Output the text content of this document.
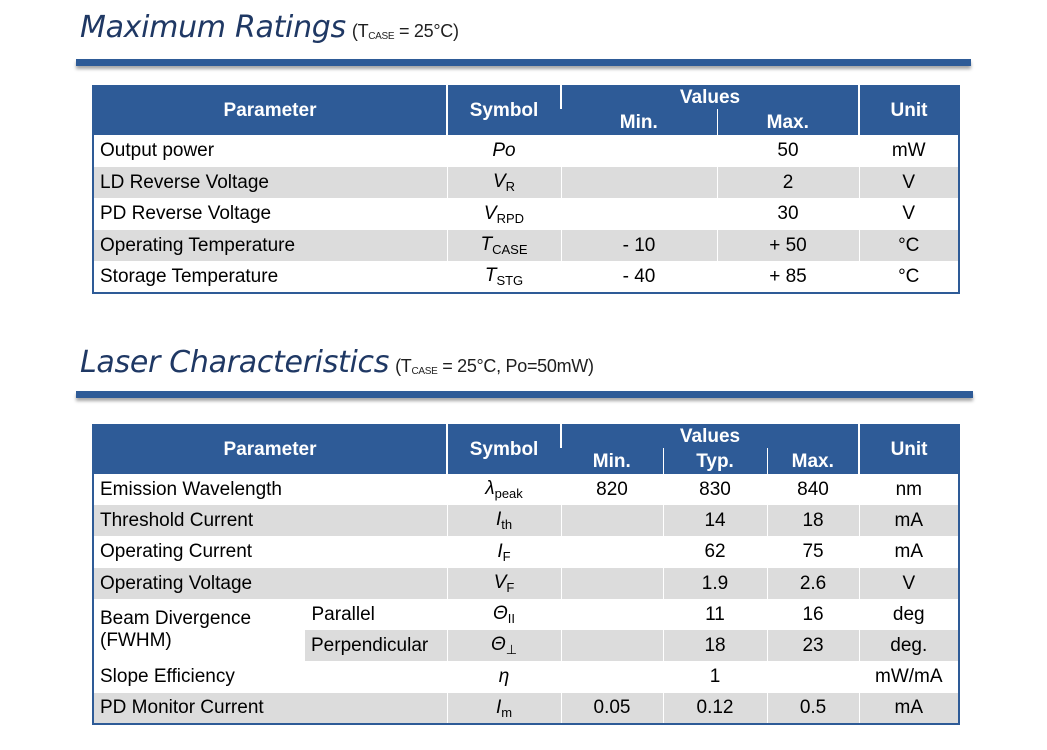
Maximum Ratings $(T_{CASE} = 25^\circ C)$
Parameter	Symbol	Values		Unit
		Min.	Max.	
Output power	Po		50	mW
LD Reverse Voltage	$V_R$		2	V
PD Reverse Voltage	$V_{RPD}$		30	V
Operating Temperature	$T_{CASE}$	- 10	+ 50	°C
Storage Temperature	$T_{STG}$	- 40	+ 85	°C
Laser Characteristics ($T_{CASE} = 25^\circ C$, Po=50mW)
Parameter		Symbol	Values			Unit
			Min.	Typ.	Max.	
Emission Wavelength		$\lambda_{peak}$	820	830	840	nm
Threshold Current		$I_{th}$		14	18	mA
Operating Current		$I_F$		62	75	mA
Operating Voltage		$V_F$		1.9	2.6	V
Beam Divergence
(FWHM)	Parallel	$\Theta_{II}$		11	16	deg
	Perpendicular	$\Theta_\perp$		18	23	deg.
Slope Efficiency		η		1		mW/mA
PD Monitor Current		$I_m$	0.05	0.12	0.5	mA
